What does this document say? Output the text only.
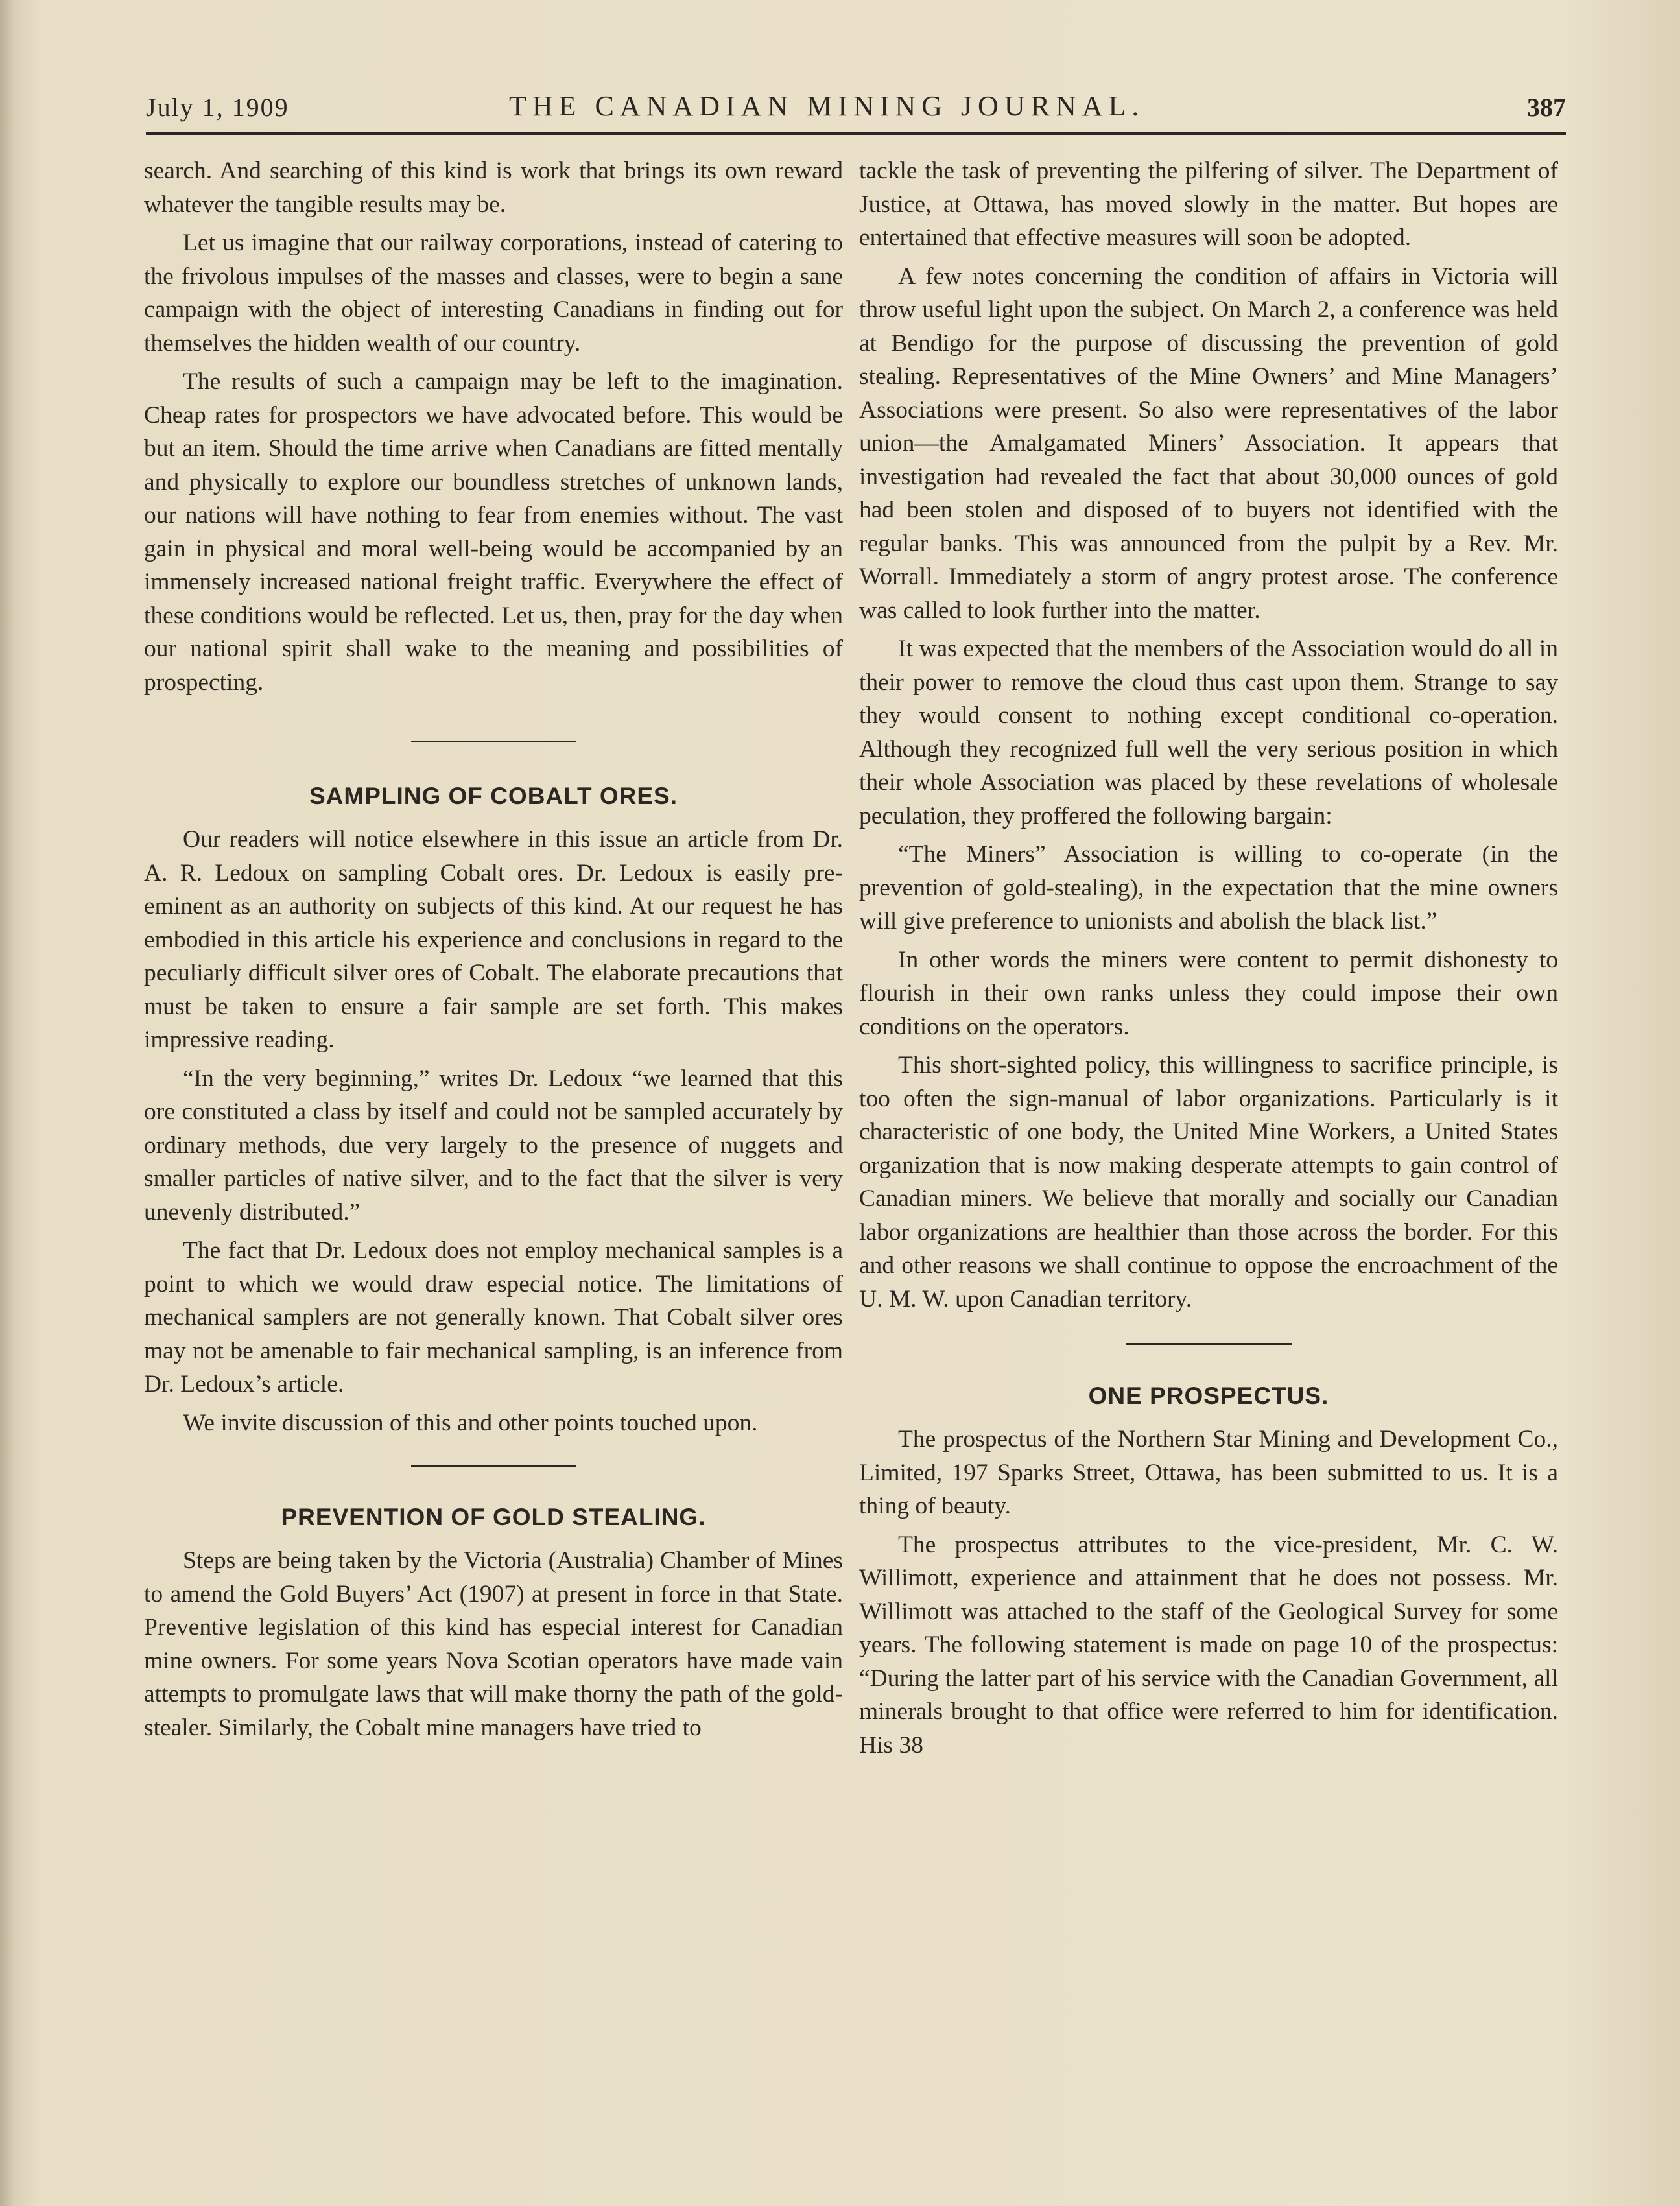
July 1, 1909	THE CANADIAN MINING JOURNAL.	387

search. And searching of this kind is work that brings its own reward whatever the tangible results may be.

Let us imagine that our railway corporations, instead of catering to the frivolous impulses of the masses and classes, were to begin a sane campaign with the object of interesting Canadians in finding out for themselves the hidden wealth of our country.

The results of such a campaign may be left to the imagination. Cheap rates for prospectors we have advocated before. This would be but an item. Should the time arrive when Canadians are fitted mentally and physically to explore our boundless stretches of unknown lands, our nations will have nothing to fear from enemies without. The vast gain in physical and moral well-being would be accompanied by an immensely increased national freight traffic. Everywhere the effect of these conditions would be reflected. Let us, then, pray for the day when our national spirit shall wake to the meaning and possibilities of prospecting.

SAMPLING OF COBALT ORES.

Our readers will notice elsewhere in this issue an article from Dr. A. R. Ledoux on sampling Cobalt ores. Dr. Ledoux is easily pre-eminent as an authority on subjects of this kind. At our request he has embodied in this article his experience and conclusions in regard to the peculiarly difficult silver ores of Cobalt. The elaborate precautions that must be taken to ensure a fair sample are set forth. This makes impressive reading.

“In the very beginning,” writes Dr. Ledoux “we learned that this ore constituted a class by itself and could not be sampled accurately by ordinary methods, due very largely to the presence of nuggets and smaller particles of native silver, and to the fact that the silver is very unevenly distributed.”

The fact that Dr. Ledoux does not employ mechanical samples is a point to which we would draw especial notice. The limitations of mechanical samplers are not generally known. That Cobalt silver ores may not be amenable to fair mechanical sampling, is an inference from Dr. Ledoux’s article.

We invite discussion of this and other points touched upon.

PREVENTION OF GOLD STEALING.

Steps are being taken by the Victoria (Australia) Chamber of Mines to amend the Gold Buyers’ Act (1907) at present in force in that State. Preventive legislation of this kind has especial interest for Canadian mine owners. For some years Nova Scotian operators have made vain attempts to promulgate laws that will make thorny the path of the gold-stealer. Similarly, the Cobalt mine managers have tried to

tackle the task of preventing the pilfering of silver. The Department of Justice, at Ottawa, has moved slowly in the matter. But hopes are entertained that effective measures will soon be adopted.

A few notes concerning the condition of affairs in Victoria will throw useful light upon the subject. On March 2, a conference was held at Bendigo for the purpose of discussing the prevention of gold stealing. Representatives of the Mine Owners’ and Mine Managers’ Associations were present. So also were representatives of the labor union—the Amalgamated Miners’ Association. It appears that investigation had revealed the fact that about 30,000 ounces of gold had been stolen and disposed of to buyers not identified with the regular banks. This was announced from the pulpit by a Rev. Mr. Worrall. Immediately a storm of angry protest arose. The conference was called to look further into the matter.

It was expected that the members of the Association would do all in their power to remove the cloud thus cast upon them. Strange to say they would consent to nothing except conditional co-operation. Although they recognized full well the very serious position in which their whole Association was placed by these revelations of wholesale peculation, they proffered the following bargain:

“The Miners” Association is willing to co-operate (in the prevention of gold-stealing), in the expectation that the mine owners will give preference to unionists and abolish the black list.”

In other words the miners were content to permit dishonesty to flourish in their own ranks unless they could impose their own conditions on the operators.

This short-sighted policy, this willingness to sacrifice principle, is too often the sign-manual of labor organizations. Particularly is it characteristic of one body, the United Mine Workers, a United States organization that is now making desperate attempts to gain control of Canadian miners. We believe that morally and socially our Canadian labor organizations are healthier than those across the border. For this and other reasons we shall continue to oppose the encroachment of the U. M. W. upon Canadian territory.

ONE PROSPECTUS.

The prospectus of the Northern Star Mining and Development Co., Limited, 197 Sparks Street, Ottawa, has been submitted to us. It is a thing of beauty.

The prospectus attributes to the vice-president, Mr. C. W. Willimott, experience and attainment that he does not possess. Mr. Willimott was attached to the staff of the Geological Survey for some years. The following statement is made on page 10 of the prospectus: “During the latter part of his service with the Canadian Government, all minerals brought to that office were referred to him for identification. His 38
